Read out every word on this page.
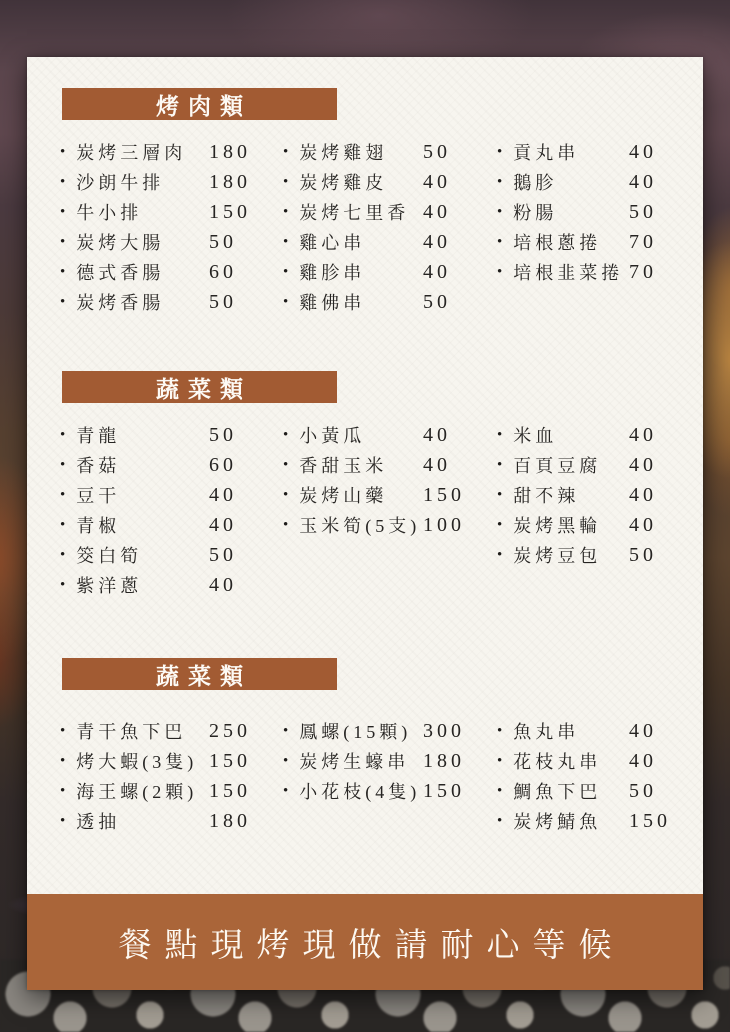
烤肉類
• 炭烤三層肉 180
• 沙朗牛排 180
• 牛小排	150
• 炭烤大腸 50
• 德式香腸 60
• 炭烤香腸 50
• 炭烤雞翅 50
• 炭烤雞皮 40
• 炭烤七里香 40
• 雞心串	40
• 雞胗串	40
• 雞佛串	50
• 貢丸串 40
• 鵝胗	40
• 粉腸	50
• 培根蔥捲 70
• 培根韭菜捲 70
蔬菜類
• 青龍	50
• 香菇	60
• 豆干	40
• 青椒	40
• 筊白筍	50
• 紫洋蔥	40
• 小黃瓜	40
• 香甜玉米 40
• 炭烤山藥 150
• 玉米筍(5支) 100
• 米血	40
• 百頁豆腐 40
• 甜不辣 40
• 炭烤黑輪 40
• 炭烤豆包 50
蔬菜類
• 青干魚下巴 250
• 烤大蝦(3隻) 150
• 海王螺(2顆) 150
• 透抽	180
• 鳳螺(15顆) 300
• 炭烤生蠔串 180
• 小花枝(4隻) 150
• 魚丸串 40
• 花枝丸串 40
• 鯛魚下巴 50
• 炭烤鯖魚 150
餐點現烤現做請耐心等候
